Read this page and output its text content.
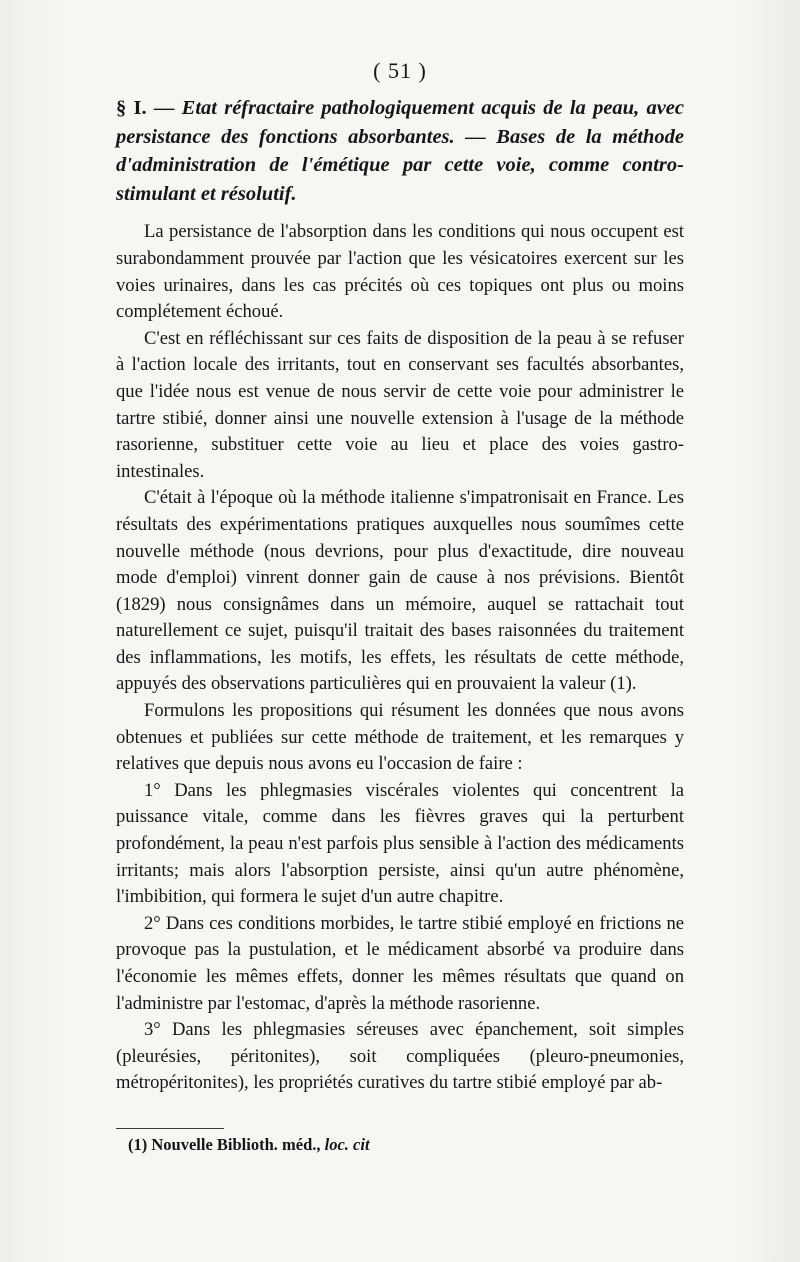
( 51 )

§ I. — Etat réfractaire pathologiquement acquis de la peau, avec persistance des fonctions absorbantes. — Bases de la méthode d'administration de l'émétique par cette voie, comme contro-stimulant et résolutif.

La persistance de l'absorption dans les conditions qui nous occupent est surabondamment prouvée par l'action que les vésicatoires exercent sur les voies urinaires, dans les cas précités où ces topiques ont plus ou moins complétement échoué.

C'est en réfléchissant sur ces faits de disposition de la peau à se refuser à l'action locale des irritants, tout en conservant ses facultés absorbantes, que l'idée nous est venue de nous servir de cette voie pour administrer le tartre stibié, donner ainsi une nouvelle extension à l'usage de la méthode rasorienne, substituer cette voie au lieu et place des voies gastro-intestinales.

C'était à l'époque où la méthode italienne s'impatronisait en France. Les résultats des expérimentations pratiques auxquelles nous soumîmes cette nouvelle méthode (nous devrions, pour plus d'exactitude, dire nouveau mode d'emploi) vinrent donner gain de cause à nos prévisions. Bientôt (1829) nous consignâmes dans un mémoire, auquel se rattachait tout naturellement ce sujet, puisqu'il traitait des bases raisonnées du traitement des inflammations, les motifs, les effets, les résultats de cette méthode, appuyés des observations particulières qui en prouvaient la valeur (1).

Formulons les propositions qui résument les données que nous avons obtenues et publiées sur cette méthode de traitement, et les remarques y relatives que depuis nous avons eu l'occasion de faire :

1° Dans les phlegmasies viscérales violentes qui concentrent la puissance vitale, comme dans les fièvres graves qui la perturbent profondément, la peau n'est parfois plus sensible à l'action des médicaments irritants; mais alors l'absorption persiste, ainsi qu'un autre phénomène, l'imbibition, qui formera le sujet d'un autre chapitre.

2° Dans ces conditions morbides, le tartre stibié employé en frictions ne provoque pas la pustulation, et le médicament absorbé va produire dans l'économie les mêmes effets, donner les mêmes résultats que quand on l'administre par l'estomac, d'après la méthode rasorienne.

3° Dans les phlegmasies séreuses avec épanchement, soit simples (pleurésies, péritonites), soit compliquées (pleuro-pneumonies, métropéritonites), les propriétés curatives du tartre stibié employé par ab-

(1) Nouvelle Biblioth. méd., loc. cit
